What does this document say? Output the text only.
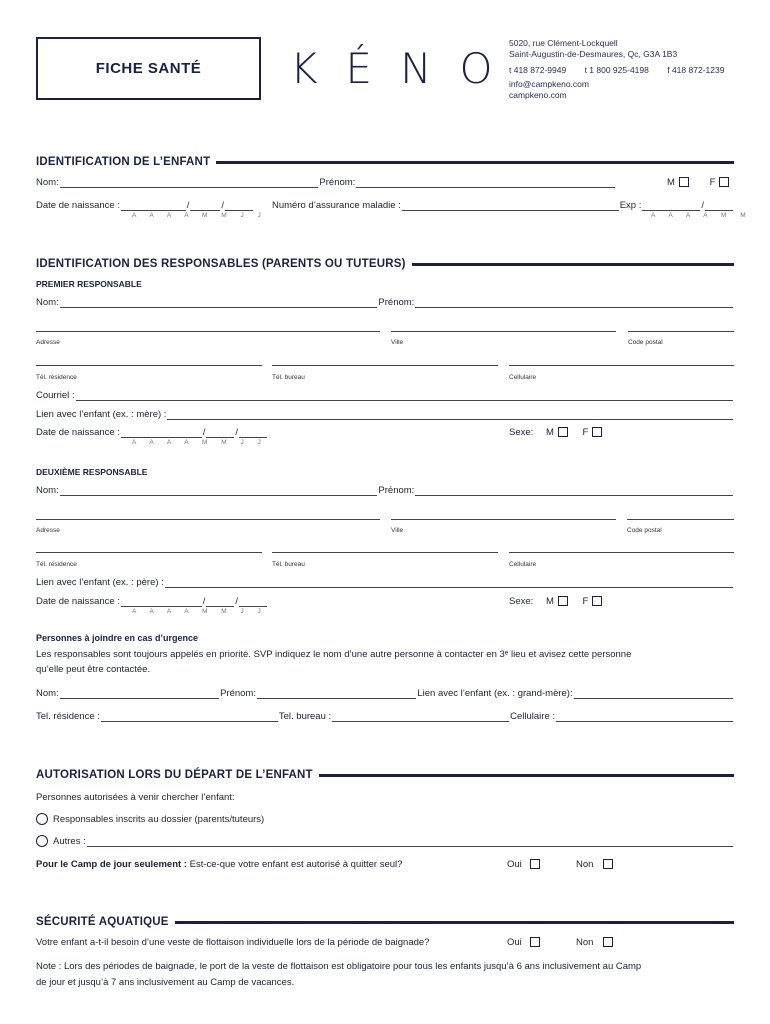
FICHE SANTÉ	KÉNO
5020, rue Clément-Lockquell
Saint-Augustin-de-Desmaures, Qc, G3A 1B3
t 418 872-9949 t 1 800 925-4198 f 418 872-1239
info@campkeno.com
campkeno.com
IDENTIFICATION DE L’ENFANT
Nom:	Prénom:	M	F
Date de naissance :	/	/
A A A A M M J J
Numéro d’assurance maladie :	Exp :	/
A A A A M M
IDENTIFICATION DES RESPONSABLES (PARENTS OU TUTEURS)
PREMIER RESPONSABLE
Nom:	Prénom:
Adresse	Ville	Code postal
Tél. résidence	Tél. bureau	Cellulaire
Courriel :
Lien avec l’enfant (ex. : mère) :
Date de naissance :	/	/
A A A A M M J J
Sexe: M	F
DEUXIÈME RESPONSABLE
Nom:	Prénom:
Adresse	Ville	Code postal
Tél. résidence	Tél. bureau	Cellulaire
Lien avec l’enfant (ex. : père) :
Date de naissance :	/	/
A A A A M M J J
Sexe: M	F
Personnes à joindre en cas d’urgence
Les responsables sont toujours appelés en priorité. SVP indiquez le nom d’une autre personne à contacter en 3ᵉ lieu et avisez cette personne
qu’elle peut être contactée.
Nom:	Prénom:	Lien avec l’enfant (ex. : grand-mère):
Tel. résidence :	Tel. bureau :	Cellulaire :
AUTORISATION LORS DU DÉPART DE L’ENFANT
Personnes autorisées à venir chercher l’enfant:
Responsables inscrits au dossier (parents/tuteurs)
Autres :
Pour le Camp de jour seulement : Est-ce-que votre enfant est autorisé à quitter seul?	Oui	Non
SÉCURITÉ AQUATIQUE
Votre enfant a-t-il besoin d’une veste de flottaison individuelle lors de la période de baignade?	Oui	Non
Note : Lors des périodes de baignade, le port de la veste de flottaison est obligatoire pour tous les enfants jusqu’à 6 ans inclusivement au Camp
de jour et jusqu’à 7 ans inclusivement au Camp de vacances.
